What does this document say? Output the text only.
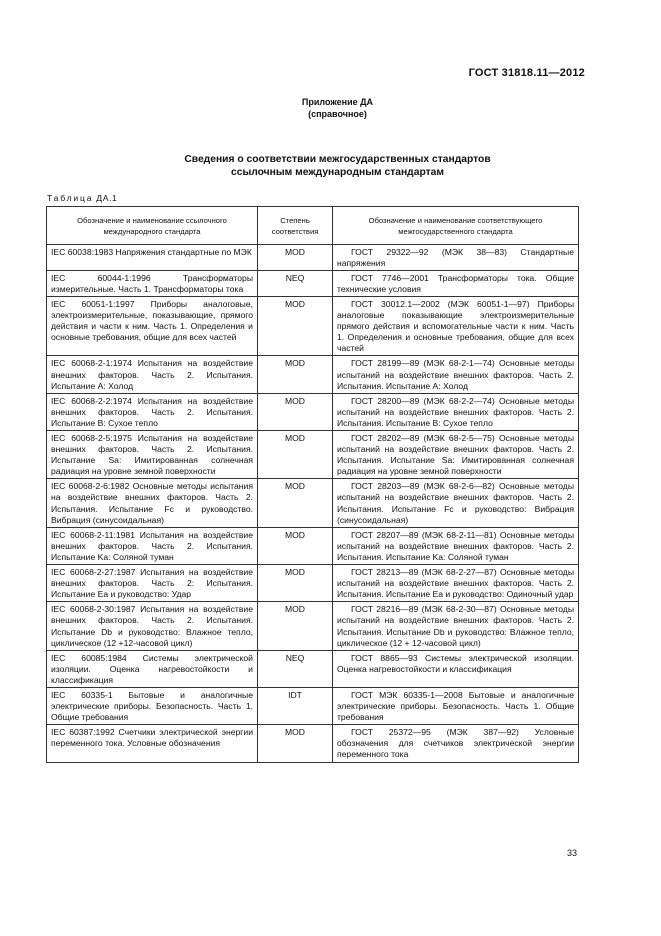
ГОСТ 31818.11—2012
Приложение ДА
(справочное)
Сведения о соответствии межгосударственных стандартов
ссылочным международным стандартам
Таблица ДА.1
Обозначение и наименование ссылочного международного стандарта	Степень соответствия	Обозначение и наименование соответствующего межгосударственного стандарта
IEC 60038:1983 Напряжения стандартные по МЭК	MOD	ГОСТ 29322—92 (МЭК 38—83) Стандартные напряжения
IEC 60044-1:1996 Трансформаторы измерительные. Часть 1. Трансформаторы тока	NEQ	ГОСТ 7746—2001 Трансформаторы тока. Общие технические условия
IEC 60051-1:1997 Приборы аналоговые, электроизмерительные, показывающие, прямого действия и части к ним. Часть 1. Определения и основные требования, общие для всех частей	MOD	ГОСТ 30012.1—2002 (МЭК 60051-1—97) Приборы аналоговые показывающие электроизмерительные прямого действия и вспомогательные части к ним. Часть 1. Определения и основные требования, общие для всех частей
IEC 60068-2-1:1974 Испытания на воздействие внешних факторов. Часть 2. Испытания. Испытание А: Холод	MOD	ГОСТ 28199—89 (МЭК 68-2-1—74) Основные методы испытаний на воздействие внешних факторов. Часть 2. Испытания. Испытание А: Холод
IEC 60068-2-2:1974 Испытания на воздействие внешних факторов. Часть 2. Испытания. Испытание В: Сухое тепло	MOD	ГОСТ 28200—89 (МЭК 68-2-2—74) Основные методы испытаний на воздействие внешних факторов. Часть 2. Испытания. Испытание В: Сухое тепло
IEC 60068-2-5:1975 Испытания на воздействие внешних факторов. Часть 2. Испытания. Испытание Sa: Имитированная солнечная радиация на уровне земной поверхности	MOD	ГОСТ 28202—89 (МЭК 68-2-5—75) Основные методы испытаний на воздействие внешних факторов. Часть 2. Испытания. Испытание Sa: Имитированная солнечная радиация на уровне земной поверхности
IEC 60068-2-6:1982 Основные методы испытания на воздействие внешних факторов. Часть 2. Испытания. Испытание Fc и руководство. Вибрация (синусоидальная)	MOD	ГОСТ 28203—89 (МЭК 68-2-6—82) Основные методы испытаний на воздействие внешних факторов. Часть 2. Испытания. Испытание Fc и руководство: Вибрация (синусоидальная)
IEC 60068-2-11:1981 Испытания на воздействие внешних факторов. Часть 2. Испытания. Испытание Ka: Соляной туман	MOD	ГОСТ 28207—89 (МЭК 68-2-11—81) Основные методы испытаний на воздействие внешних факторов. Часть 2. Испытания. Испытание Ka: Соляной туман
IEC 60068-2-27:1987 Испытания на воздействие внешних факторов. Часть 2: Испытания. Испытание Еа и руководство: Удар	MOD	ГОСТ 28213—89 (МЭК 68-2-27—87) Основные методы испытаний на воздействие внешних факторов. Часть 2. Испытания. Испытание Еа и руководство: Одиночный удар
IEC 60068-2-30:1987 Испытания на воздействие внешних факторов. Часть 2. Испытания. Испытание Db и руководство: Влажное тепло, циклическое (12 +12-часовой цикл)	MOD	ГОСТ 28216—89 (МЭК 68-2-30—87) Основные методы испытаний на воздействие внешних факторов. Часть 2. Испытания. Испытание Db и руководство: Влажное тепло, циклическое (12 + 12-часовой цикл)
IEC 60085:1984 Системы электрической изоляции. Оценка нагревостойкости и классификация	NEQ	ГОСТ 8865—93 Системы электрической изоляции. Оценка нагревостойкости и классификация
IEC 60335-1 Бытовые и аналогичные электрические приборы. Безопасность. Часть 1. Общие требования	IDT	ГОСТ МЭК 60335-1—2008 Бытовые и аналогичные электрические приборы. Безопасность. Часть 1. Общие требования
IEC 60387:1992 Счетчики электрической энергии переменного тока. Условные обозначения	MOD	ГОСТ 25372—95 (МЭК 387—92) Условные обозначения для счетчиков электрической энергии переменного тока
33
